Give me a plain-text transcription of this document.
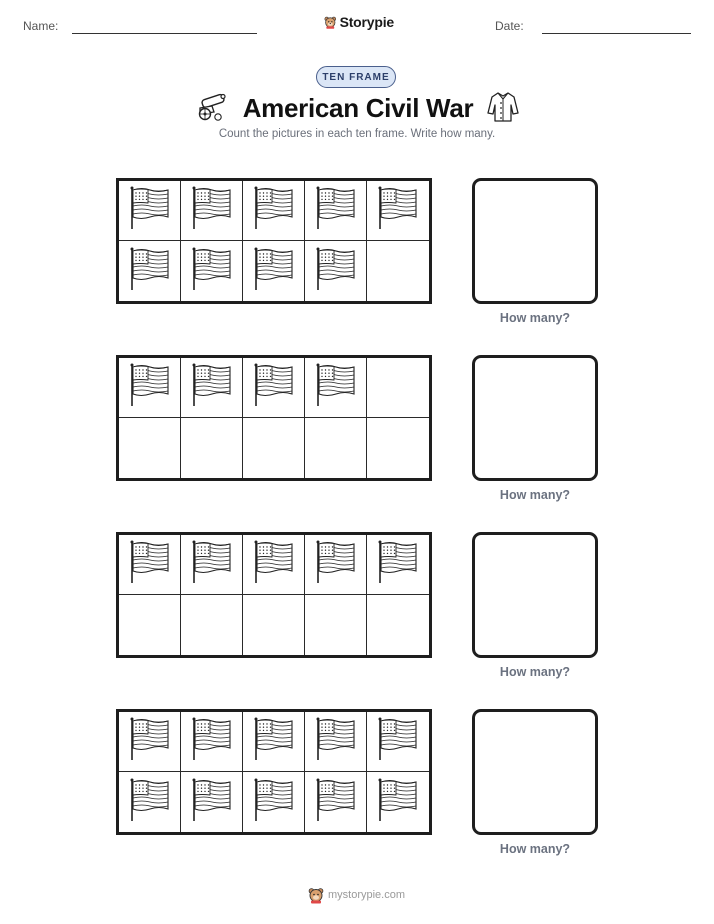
Name:	Storypie	Date:
TEN FRAME
American Civil War
Count the pictures in each ten frame. Write how many.
How many?
How many?
How many?
How many?
mystorypie.com
